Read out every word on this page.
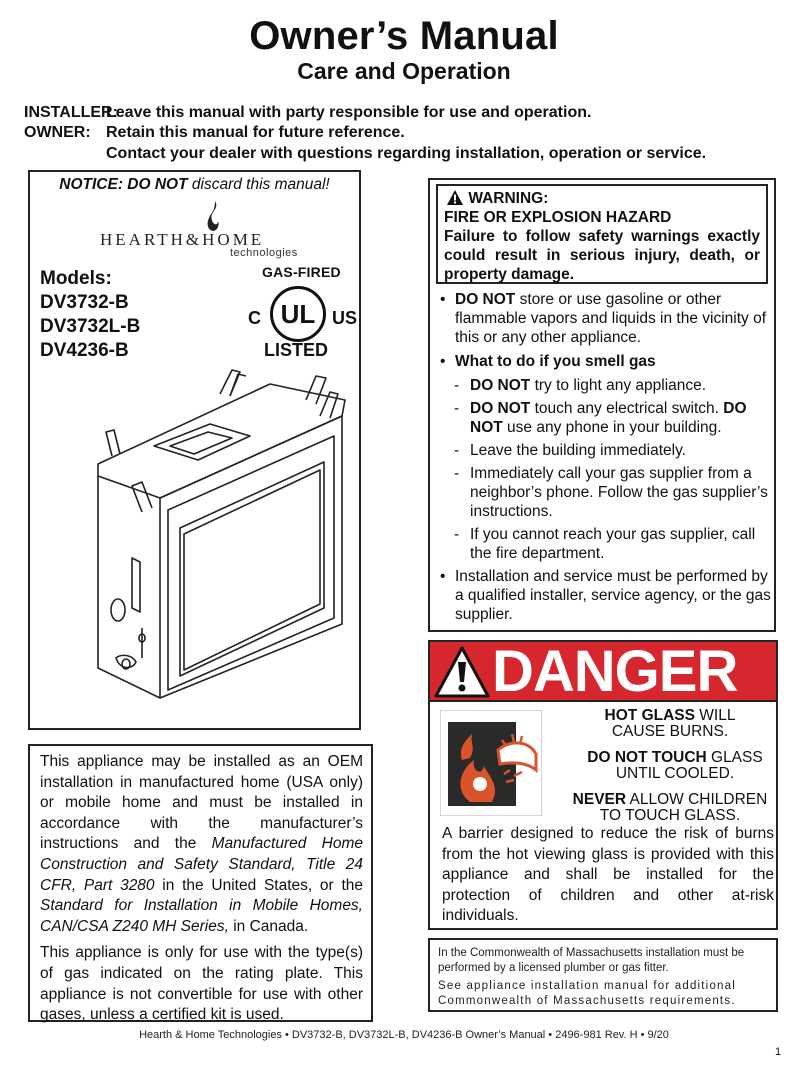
Owner’s Manual
Care and Operation
INSTALLER:Leave this manual with party responsible for use and operation.
OWNER: Retain this manual for future reference.
Contact your dealer with questions regarding installation, operation or service.
NOTICE: DO NOT discard this manual!
HEARTH&HOME
technologies
Models:
DV3732-B
DV3732L-B
DV4236-B
GAS-FIRED
C UL US
LISTED

This appliance may be installed as an OEM installation in manufactured home (USA only) or mobile home and must be installed in accordance with the manufacturer’s instructions and the Manufactured Home Construction and Safety Standard, Title 24 CFR, Part 3280 in the United States, or the Standard for Installation in Mobile Homes, CAN/CSA Z240 MH Series, in Canada.

This appliance is only for use with the type(s) of gas indicated on the rating plate. This appliance is not convertible for use with other gases, unless a certified kit is used.

WARNING:
FIRE OR EXPLOSION HAZARD
Failure to follow safety warnings exactly could result in serious injury, death, or property damage.
• DO NOT store or use gasoline or other flammable vapors and liquids in the vicinity of this or any other appliance.
• What to do if you smell gas
- DO NOT try to light any appliance.
- DO NOT touch any electrical switch. DO NOT use any phone in your building.
- Leave the building immediately.
- Immediately call your gas supplier from a neighbor’s phone. Follow the gas supplier’s instructions.
- If you cannot reach your gas supplier, call the fire department.
• Installation and service must be performed by a qualified installer, service agency, or the gas supplier.
DANGER
HOT GLASS WILL
CAUSE BURNS.
DO NOT TOUCH GLASS
UNTIL COOLED.
NEVER ALLOW CHILDREN
TO TOUCH GLASS.
A barrier designed to reduce the risk of burns from the hot viewing glass is provided with this appliance and shall be installed for the protection of children and other at-risk individuals.

In the Commonwealth of Massachusetts installation must be performed by a licensed plumber or gas fitter.

See appliance installation manual for additional Commonwealth of Massachusetts requirements.

Hearth & Home Technologies • DV3732-B, DV3732L-B, DV4236-B Owner’s Manual • 2496-981 Rev. H • 9/20
1
